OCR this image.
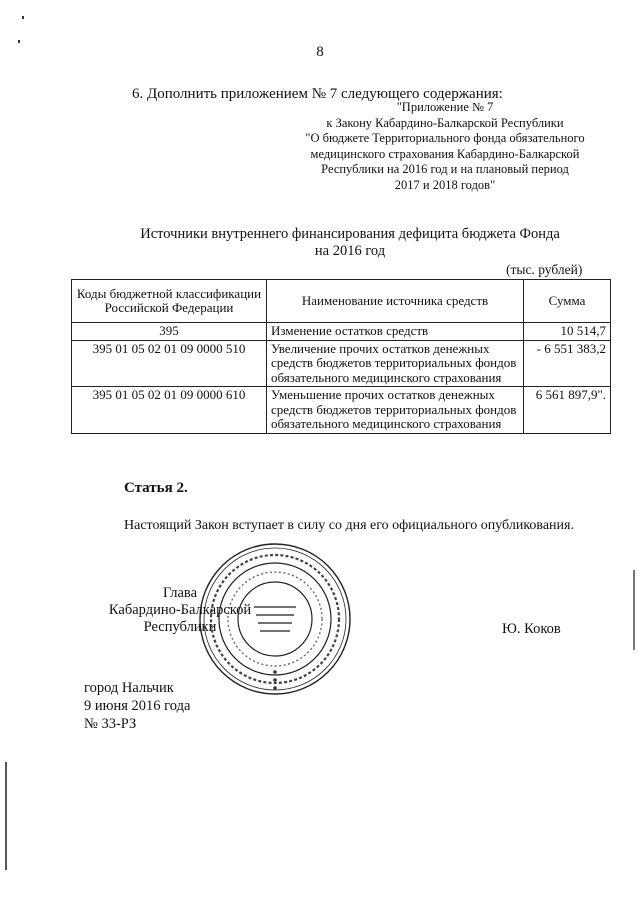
8
6. Дополнить приложением № 7 следующего содержания:
"Приложение № 7
к Закону Кабардино-Балкарской Республики
"О бюджете Территориального фонда обязательного
медицинского страхования Кабардино-Балкарской
Республики на 2016 год и на плановый период
2017 и 2018 годов"
Источники внутреннего финансирования дефицита бюджета Фонда
на 2016 год
(тыс. рублей)
Коды бюджетной классификации Российской Федерации	Наименование источника средств	Сумма
395	Изменение остатков средств	10 514,7
395 01 05 02 01 09 0000 510	Увеличение прочих остатков денежных средств бюджетов территориальных фондов обязательного медицинского страхования	- 6 551 383,2
395 01 05 02 01 09 0000 610	Уменьшение прочих остатков денежных средств бюджетов территориальных фондов обязательного медицинского страхования	6 561 897,9".
Статья 2.
Настоящий Закон вступает в силу со дня его официального опубликования.
Глава
Кабардино-Балкарской
Республики	Ю. Коков
город Нальчик
9 июня 2016 года
№ 33-РЗ
